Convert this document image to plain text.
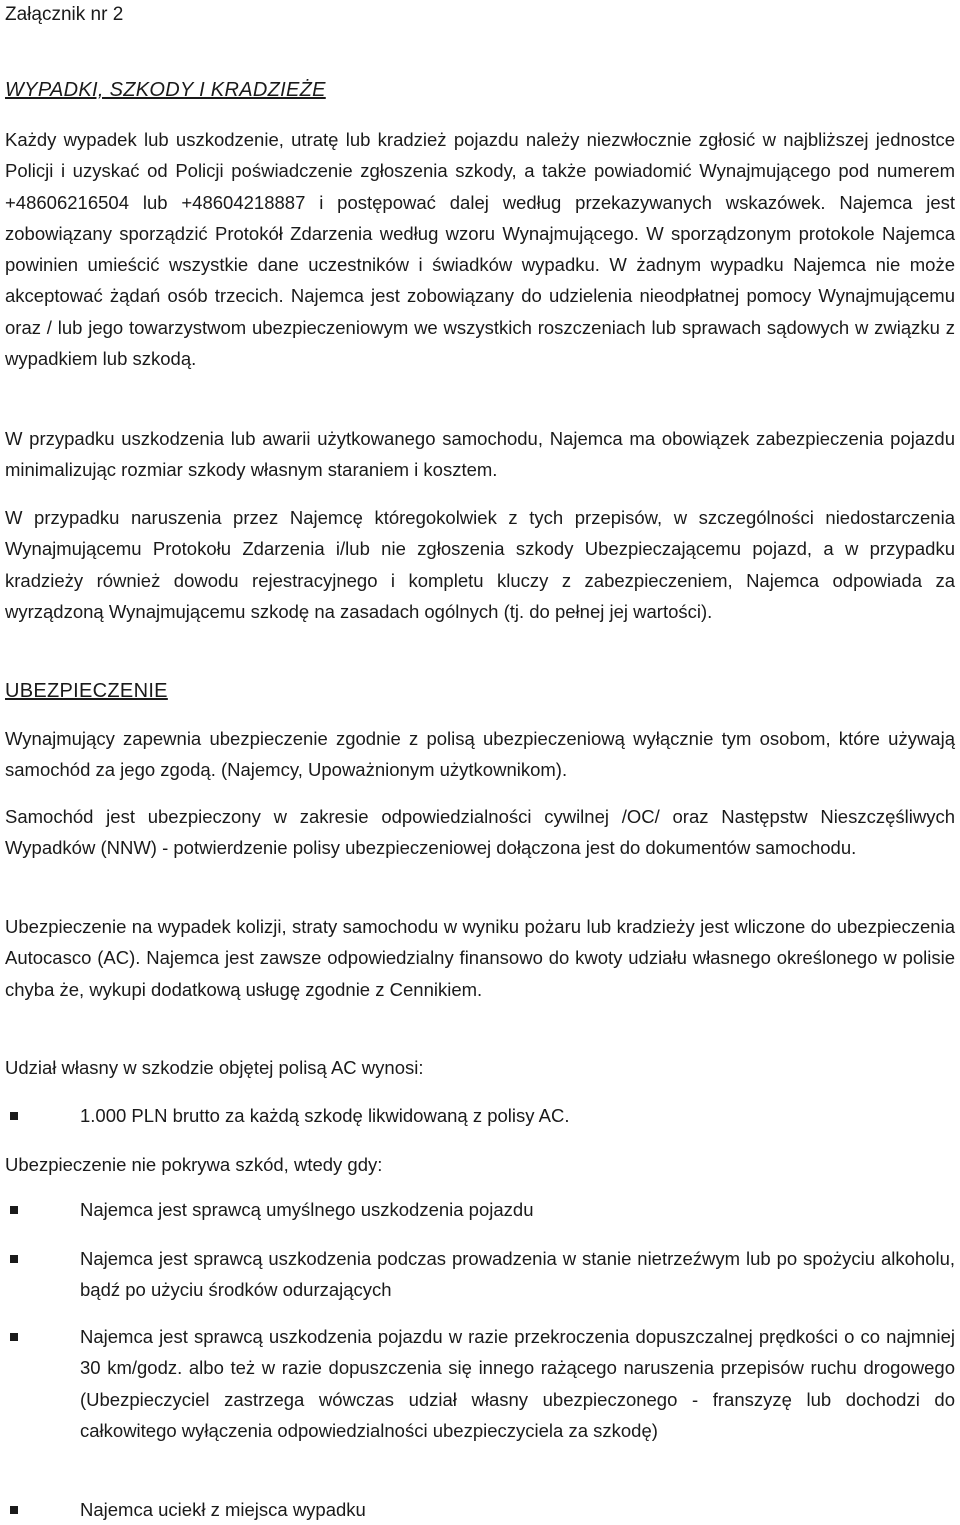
Załącznik nr 2
WYPADKI, SZKODY I KRADZIEŻE

Każdy wypadek lub uszkodzenie, utratę lub kradzież pojazdu należy niezwłocznie zgłosić w najbliższej jednostce Policji i uzyskać od Policji poświadczenie zgłoszenia szkody, a także powiadomić Wynajmującego pod numerem +48606216504 lub +48604218887 i postępować dalej według przekazywanych wskazówek. Najemca jest zobowiązany sporządzić Protokół Zdarzenia według wzoru Wynajmującego. W sporządzonym protokole Najemca powinien umieścić wszystkie dane uczestników i świadków wypadku. W żadnym wypadku Najemca nie może akceptować żądań osób trzecich. Najemca jest zobowiązany do udzielenia nieodpłatnej pomocy Wynajmującemu oraz / lub jego towarzystwom ubezpieczeniowym we wszystkich roszczeniach lub sprawach sądowych w związku z wypadkiem lub szkodą.

W przypadku uszkodzenia lub awarii użytkowanego samochodu, Najemca ma obowiązek zabezpieczenia pojazdu minimalizując rozmiar szkody własnym staraniem i kosztem.

W przypadku naruszenia przez Najemcę któregokolwiek z tych przepisów, w szczególności niedostarczenia Wynajmującemu Protokołu Zdarzenia i/lub nie zgłoszenia szkody Ubezpieczającemu pojazd, a w przypadku kradzieży również dowodu rejestracyjnego i kompletu kluczy z zabezpieczeniem, Najemca odpowiada za wyrządzoną Wynajmującemu szkodę na zasadach ogólnych (tj. do pełnej jej wartości).

UBEZPIECZENIE

Wynajmujący zapewnia ubezpieczenie zgodnie z polisą ubezpieczeniową wyłącznie tym osobom, które używają samochód za jego zgodą. (Najemcy, Upoważnionym użytkownikom).

Samochód jest ubezpieczony w zakresie odpowiedzialności cywilnej /OC/ oraz Następstw Nieszczęśliwych Wypadków (NNW) - potwierdzenie polisy ubezpieczeniowej dołączona jest do dokumentów samochodu.

Ubezpieczenie na wypadek kolizji, straty samochodu w wyniku pożaru lub kradzieży jest wliczone do ubezpieczenia Autocasco (AC). Najemca jest zawsze odpowiedzialny finansowo do kwoty udziału własnego określonego w polisie chyba że, wykupi dodatkową usługę zgodnie z Cennikiem.

Udział własny w szkodzie objętej polisą AC wynosi:

1.000 PLN brutto za każdą szkodę likwidowaną z polisy AC.

Ubezpieczenie nie pokrywa szkód, wtedy gdy:

Najemca jest sprawcą umyślnego uszkodzenia pojazdu

Najemca jest sprawcą uszkodzenia podczas prowadzenia w stanie nietrzeźwym lub po spożyciu alkoholu, bądź po użyciu środków odurzających

Najemca jest sprawcą uszkodzenia pojazdu w razie przekroczenia dopuszczalnej prędkości o co najmniej 30 km/godz. albo też w razie dopuszczenia się innego rażącego naruszenia przepisów ruchu drogowego (Ubezpieczyciel zastrzega wówczas udział własny ubezpieczonego - franszyzę lub dochodzi do całkowitego wyłączenia odpowiedzialności ubezpieczyciela za szkodę)

Najemca uciekł z miejsca wypadku
